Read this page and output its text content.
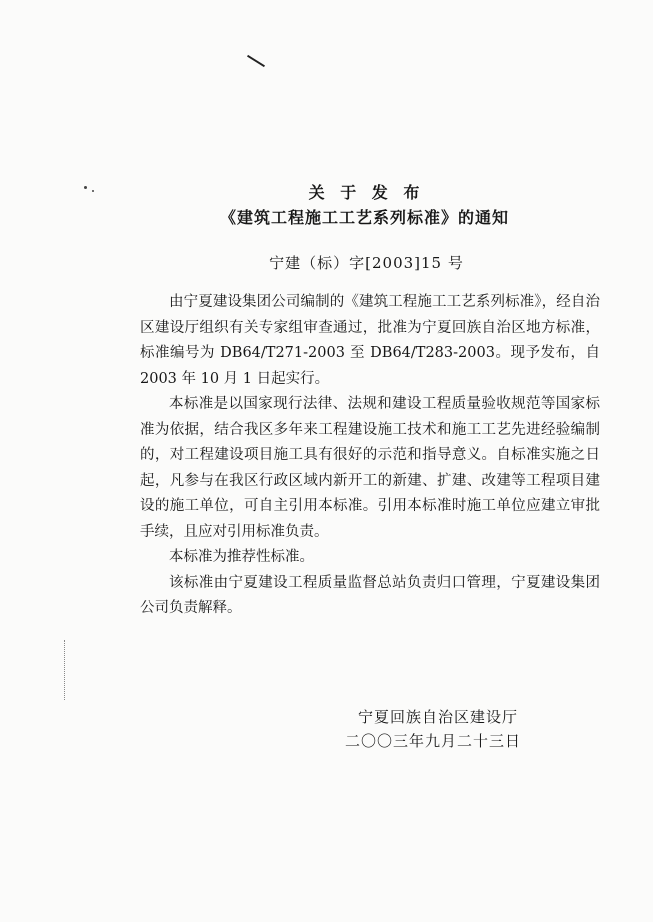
关 于 发 布
《建筑工程施工工艺系列标准》的通知
宁建（标）字[2003]15 号

由宁夏建设集团公司编制的《建筑工程施工工艺系列标准》，经自治区建设厅组织有关专家组审查通过，批准为宁夏回族自治区地方标准，标准编号为 DB64/T271-2003 至 DB64/T283-2003。现予发布，自 2003 年 10 月 1 日起实行。

本标准是以国家现行法律、法规和建设工程质量验收规范等国家标准为依据，结合我区多年来工程建设施工技术和施工工艺先进经验编制的，对工程建设项目施工具有很好的示范和指导意义。自标准实施之日起，凡参与在我区行政区域内新开工的新建、扩建、改建等工程项目建设的施工单位，可自主引用本标准。引用本标准时施工单位应建立审批手续，且应对引用标准负责。

本标准为推荐性标准。

该标准由宁夏建设工程质量监督总站负责归口管理，宁夏建设集团公司负责解释。

宁夏回族自治区建设厅
二〇〇三年九月二十三日
